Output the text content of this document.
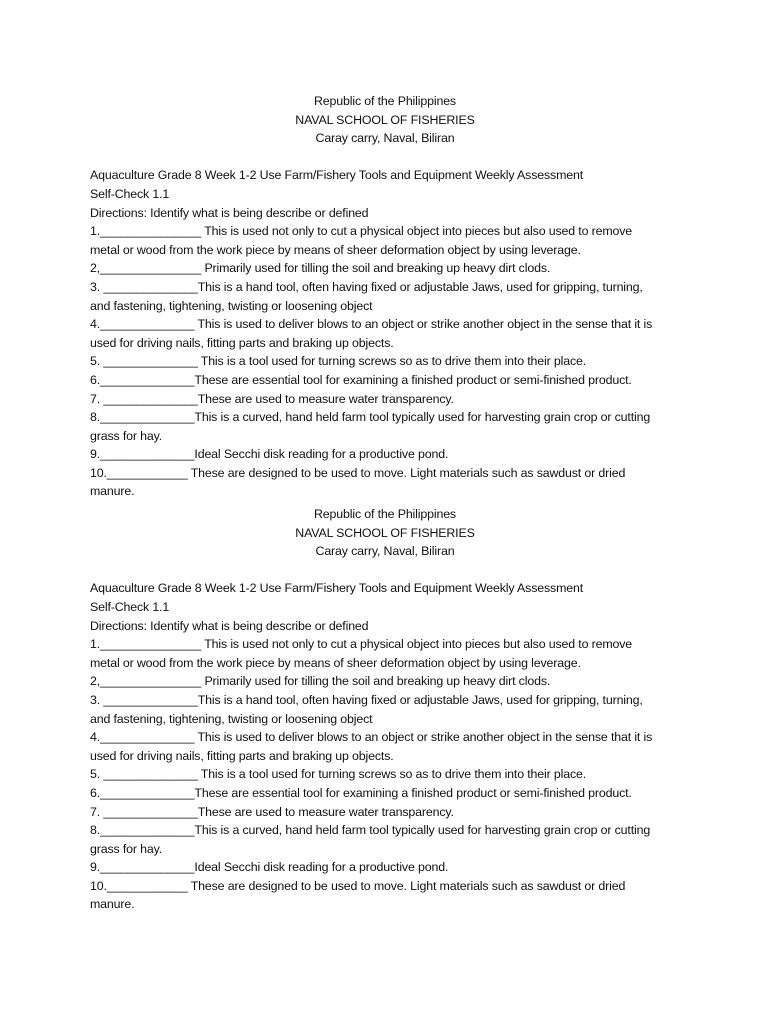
Republic of the Philippines
NAVAL SCHOOL OF FISHERIES
Caray carry, Naval, Biliran
Aquaculture Grade 8 Week 1-2 Use Farm/Fishery Tools and Equipment Weekly Assessment
Self-Check 1.1
Directions: Identify what is being describe or defined
1._______________ This is used not only to cut a physical object into pieces but also used to remove
metal or wood from the work piece by means of sheer deformation object by using leverage.
2,_______________ Primarily used for tilling the soil and breaking up heavy dirt clods.
3. ______________This is a hand tool, often having fixed or adjustable Jaws, used for gripping, turning,
and fastening, tightening, twisting or loosening object
4.______________ This is used to deliver blows to an object or strike another object in the sense that it is
used for driving nails, fitting parts and braking up objects.
5. ______________ This is a tool used for turning screws so as to drive them into their place.
6.______________These are essential tool for examining a finished product or semi-finished product.
7. ______________These are used to measure water transparency.
8.______________This is a curved, hand held farm tool typically used for harvesting grain crop or cutting
grass for hay.
9.______________Ideal Secchi disk reading for a productive pond.
10.____________ These are designed to be used to move. Light materials such as sawdust or dried
manure.
Republic of the Philippines
NAVAL SCHOOL OF FISHERIES
Caray carry, Naval, Biliran
Aquaculture Grade 8 Week 1-2 Use Farm/Fishery Tools and Equipment Weekly Assessment
Self-Check 1.1
Directions: Identify what is being describe or defined
1._______________ This is used not only to cut a physical object into pieces but also used to remove
metal or wood from the work piece by means of sheer deformation object by using leverage.
2,_______________ Primarily used for tilling the soil and breaking up heavy dirt clods.
3. ______________This is a hand tool, often having fixed or adjustable Jaws, used for gripping, turning,
and fastening, tightening, twisting or loosening object
4.______________ This is used to deliver blows to an object or strike another object in the sense that it is
used for driving nails, fitting parts and braking up objects.
5. ______________ This is a tool used for turning screws so as to drive them into their place.
6.______________These are essential tool for examining a finished product or semi-finished product.
7. ______________These are used to measure water transparency.
8.______________This is a curved, hand held farm tool typically used for harvesting grain crop or cutting
grass for hay.
9.______________Ideal Secchi disk reading for a productive pond.
10.____________ These are designed to be used to move. Light materials such as sawdust or dried
manure.
